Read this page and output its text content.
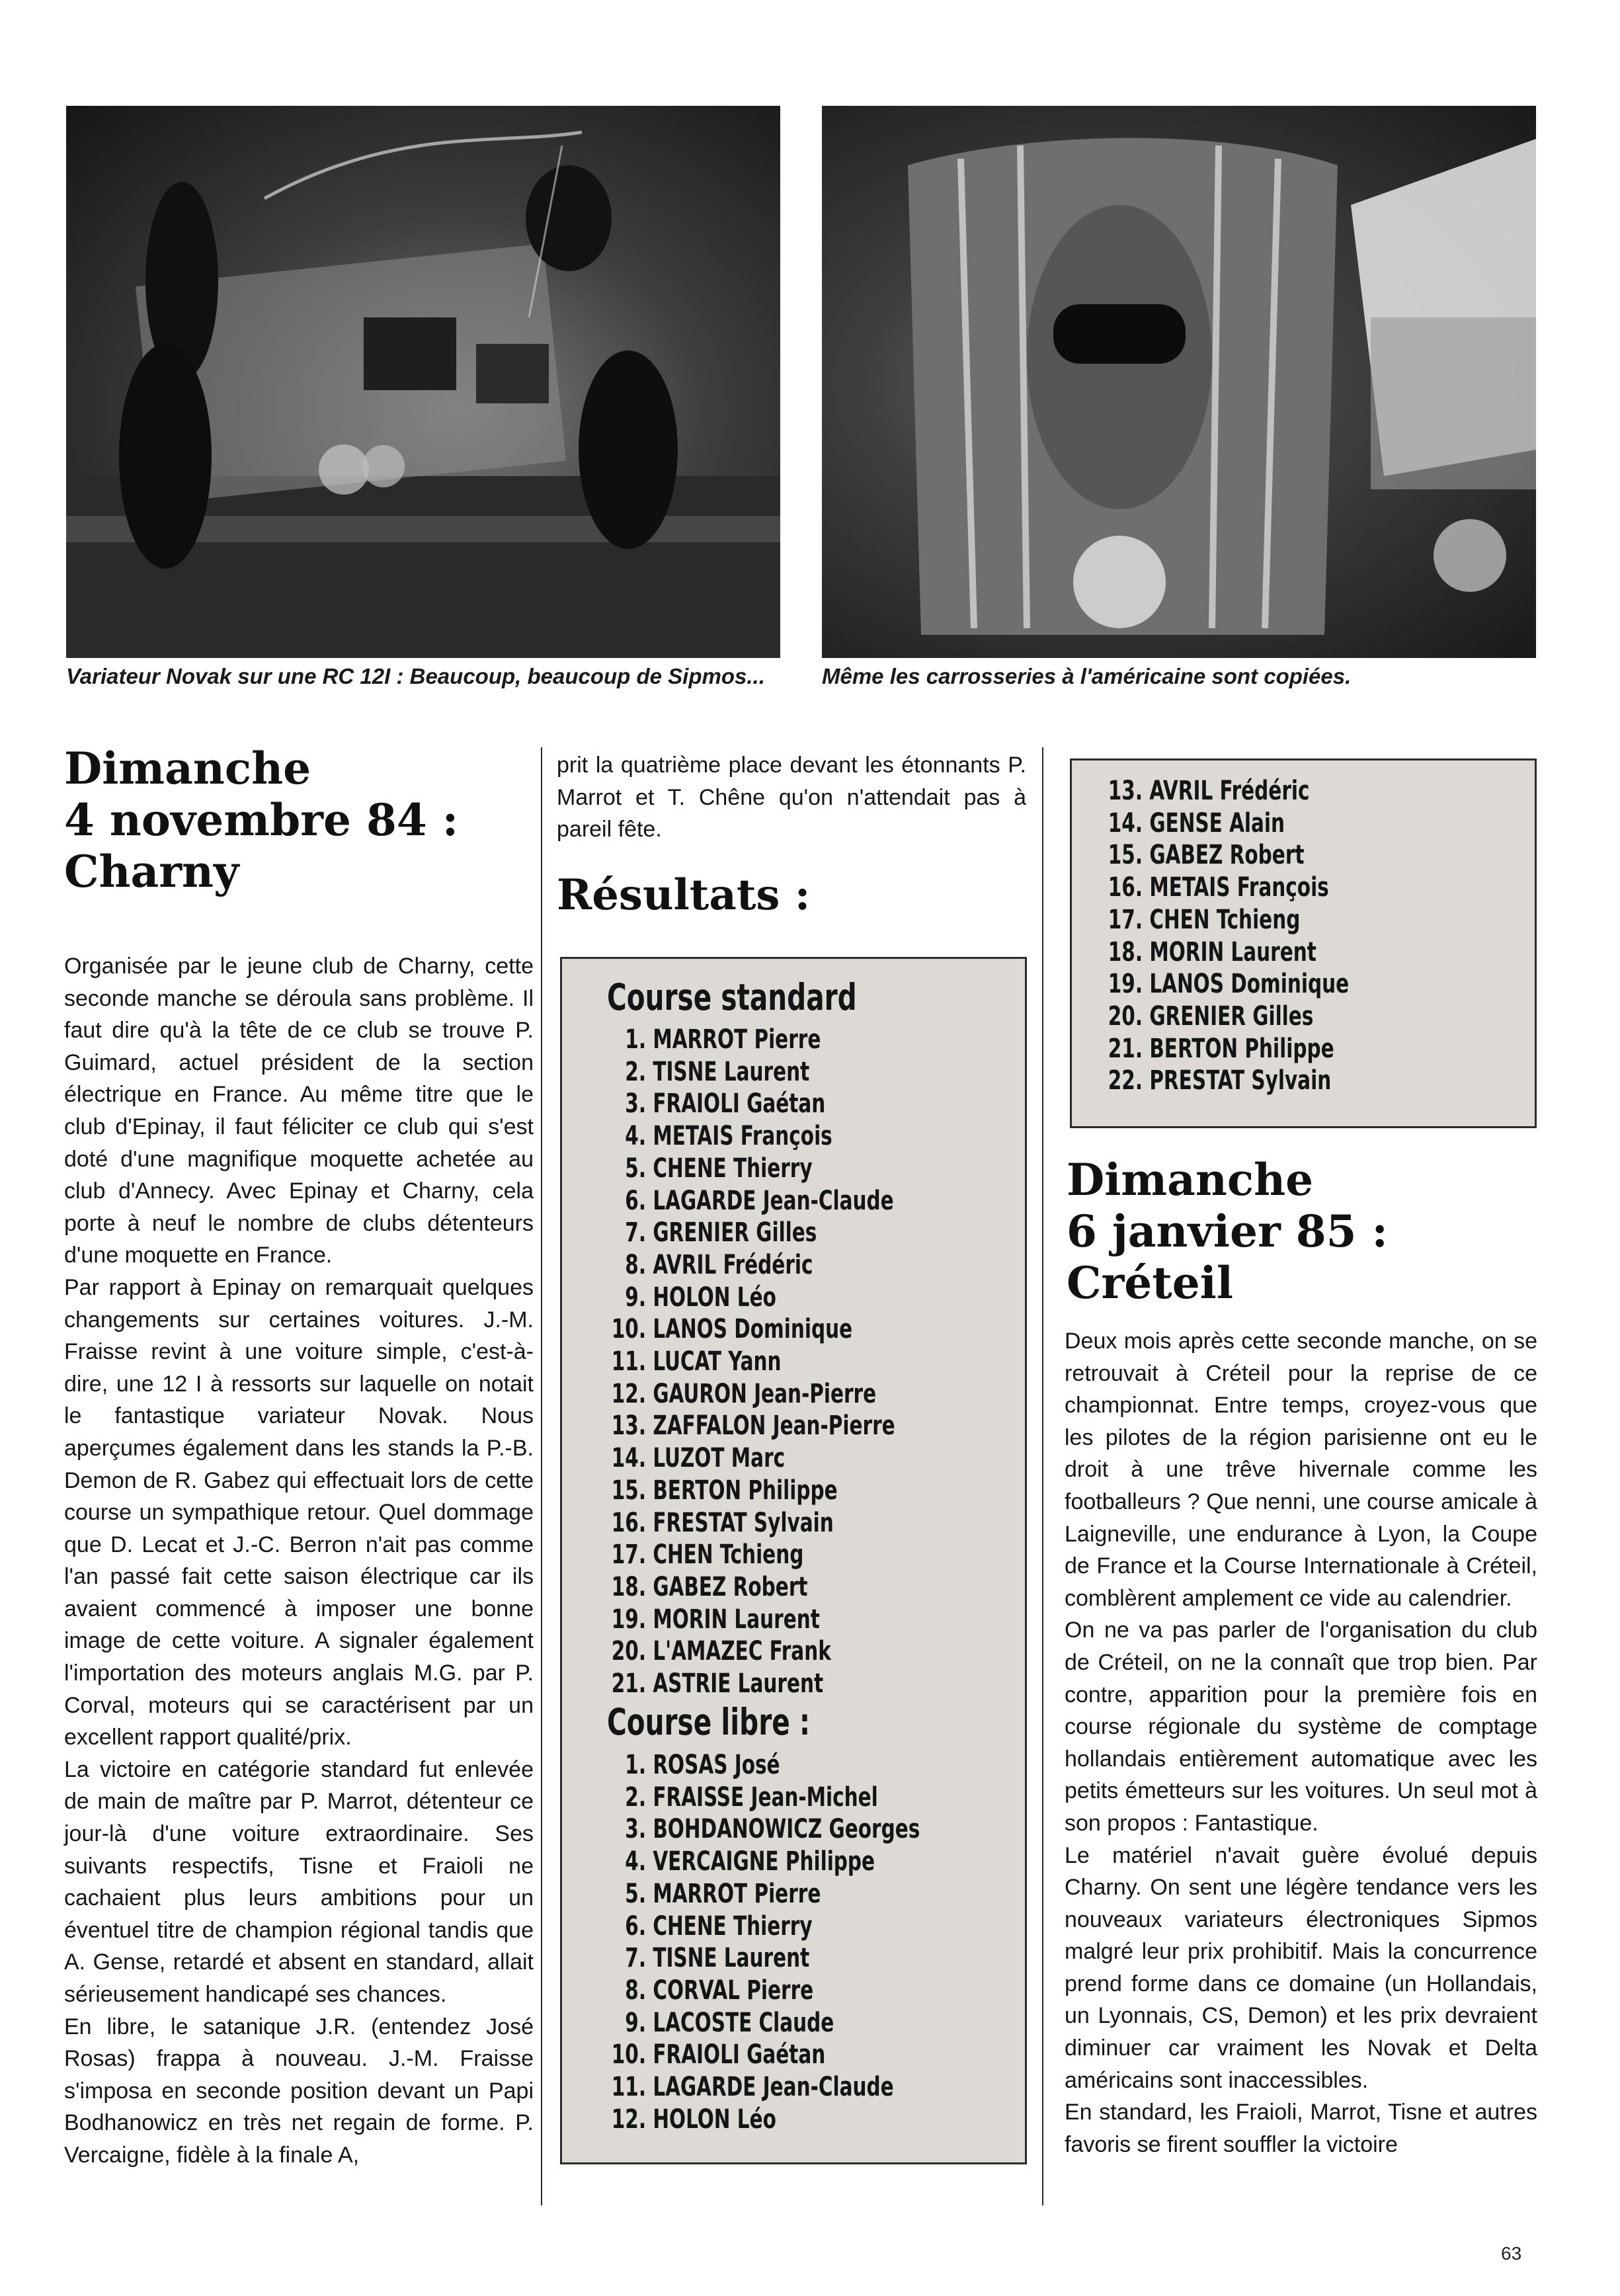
Variateur Novak sur une RC 12I : Beaucoup, beaucoup de Sipmos...	Même les carrosseries à l'américaine sont copiées.
Dimanche
4 novembre 84 :
Charny

Organisée par le jeune club de Charny, cette seconde manche se déroula sans problème. Il faut dire qu'à la tête de ce club se trouve P. Guimard, actuel président de la section électrique en France. Au même titre que le club d'Epinay, il faut féliciter ce club qui s'est doté d'une magnifique moquette achetée au club d'Annecy. Avec Epinay et Charny, cela porte à neuf le nombre de clubs détenteurs d'une moquette en France.

Par rapport à Epinay on remarquait quelques changements sur certaines voitures. J.-M. Fraisse revint à une voiture simple, c'est-à-dire, une 12 I à ressorts sur laquelle on notait le fantastique variateur Novak. Nous aperçumes également dans les stands la P.-B. Demon de R. Gabez qui effectuait lors de cette course un sympathique retour. Quel dommage que D. Lecat et J.-C. Berron n'ait pas comme l'an passé fait cette saison électrique car ils avaient commencé à imposer une bonne image de cette voiture. A signaler également l'importation des moteurs anglais M.G. par P. Corval, moteurs qui se caractérisent par un excellent rapport qualité/prix.

La victoire en catégorie standard fut enlevée de main de maître par P. Marrot, détenteur ce jour-là d'une voiture extraordinaire. Ses suivants respectifs, Tisne et Fraioli ne cachaient plus leurs ambitions pour un éventuel titre de champion régional tandis que A. Gense, retardé et absent en standard, allait sérieusement handicapé ses chances.

En libre, le satanique J.R. (entendez José Rosas) frappa à nouveau. J.-M. Fraisse s'imposa en seconde position devant un Papi Bodhanowicz en très net regain de forme. P. Vercaigne, fidèle à la finale A,

prit la quatrième place devant les étonnants P. Marrot et T. Chêne qu'on n'attendait pas à pareil fête.

Résultats :
Course standard
1. MARROT Pierre
2. TISNE Laurent
3. FRAIOLI Gaétan
4. METAIS François
5. CHENE Thierry
6. LAGARDE Jean-Claude
7. GRENIER Gilles
8. AVRIL Frédéric
9. HOLON Léo
10. LANOS Dominique
11. LUCAT Yann
12. GAURON Jean-Pierre
13. ZAFFALON Jean-Pierre
14. LUZOT Marc
15. BERTON Philippe
16. FRESTAT Sylvain
17. CHEN Tchieng
18. GABEZ Robert
19. MORIN Laurent
20. L'AMAZEC Frank
21. ASTRIE Laurent
Course libre :
1. ROSAS José
2. FRAISSE Jean-Michel
3. BOHDANOWICZ Georges
4. VERCAIGNE Philippe
5. MARROT Pierre
6. CHENE Thierry
7. TISNE Laurent
8. CORVAL Pierre
9. LACOSTE Claude
10. FRAIOLI Gaétan
11. LAGARDE Jean-Claude
12. HOLON Léo
13. AVRIL Frédéric
14. GENSE Alain
15. GABEZ Robert
16. METAIS François
17. CHEN Tchieng
18. MORIN Laurent
19. LANOS Dominique
20. GRENIER Gilles
21. BERTON Philippe
22. PRESTAT Sylvain
Dimanche
6 janvier 85 :
Créteil

Deux mois après cette seconde manche, on se retrouvait à Créteil pour la reprise de ce championnat. Entre temps, croyez-vous que les pilotes de la région parisienne ont eu le droit à une trêve hivernale comme les footballeurs ? Que nenni, une course amicale à Laigneville, une endurance à Lyon, la Coupe de France et la Course Internationale à Créteil, comblèrent amplement ce vide au calendrier.

On ne va pas parler de l'organisation du club de Créteil, on ne la connaît que trop bien. Par contre, apparition pour la première fois en course régionale du système de comptage hollandais entièrement automatique avec les petits émetteurs sur les voitures. Un seul mot à son propos : Fantastique.

Le matériel n'avait guère évolué depuis Charny. On sent une légère tendance vers les nouveaux variateurs électroniques Sipmos malgré leur prix prohibitif. Mais la concurrence prend forme dans ce domaine (un Hollandais, un Lyonnais, CS, Demon) et les prix devraient diminuer car vraiment les Novak et Delta américains sont inaccessibles.

En standard, les Fraioli, Marrot, Tisne et autres favoris se firent souffler la victoire

63
